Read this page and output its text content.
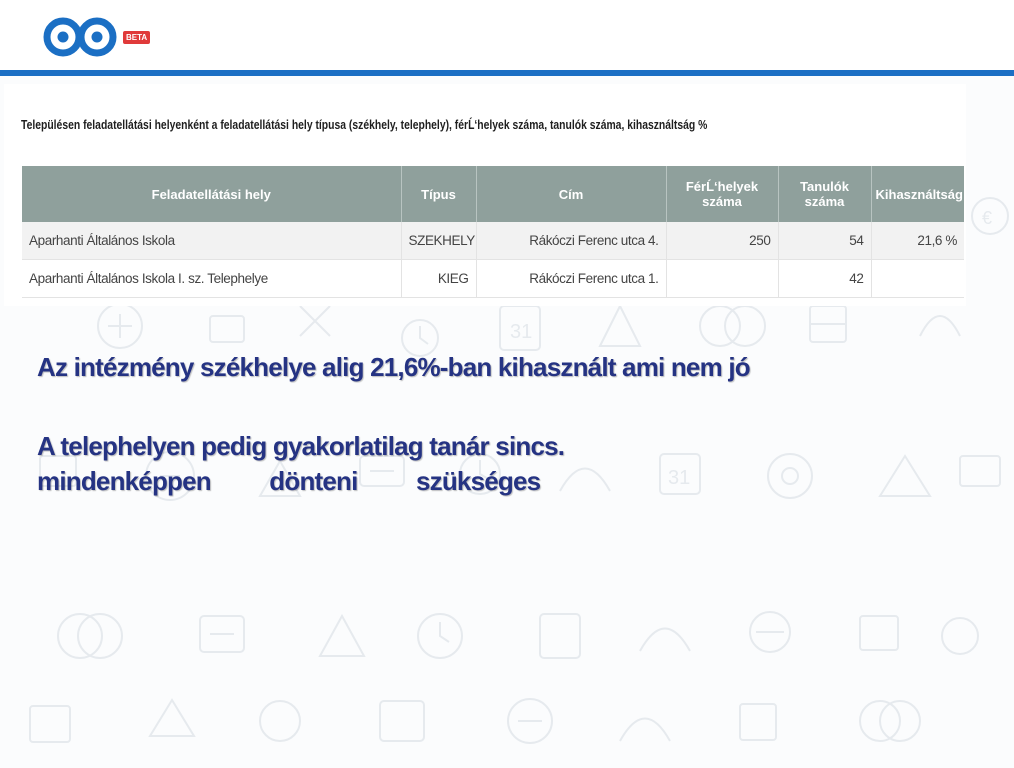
BETA
31
31
€
Településen feladatellátási helyenként a feladatellátási hely típusa (székhely, telephely), férĹ‘helyek száma, tanulók száma, kihasználtság %
Feladatellátási hely	Típus	Cím	FérĹ‘helyek száma	Tanulók száma	Kihasználtság
Aparhanti Általános Iskola	SZEKHELY	Rákóczi Ferenc utca 4.	250	54	21,6 %
Aparhanti Általános Iskola I. sz. Telephelye	KIEG	Rákóczi Ferenc utca 1.		42	
Az intézmény székhelye alig 21,6%-ban kihasznált ami nem jó
A telephelyen pedig gyakorlatilag tanár sincs.
mindenképpen dönteni szükséges
